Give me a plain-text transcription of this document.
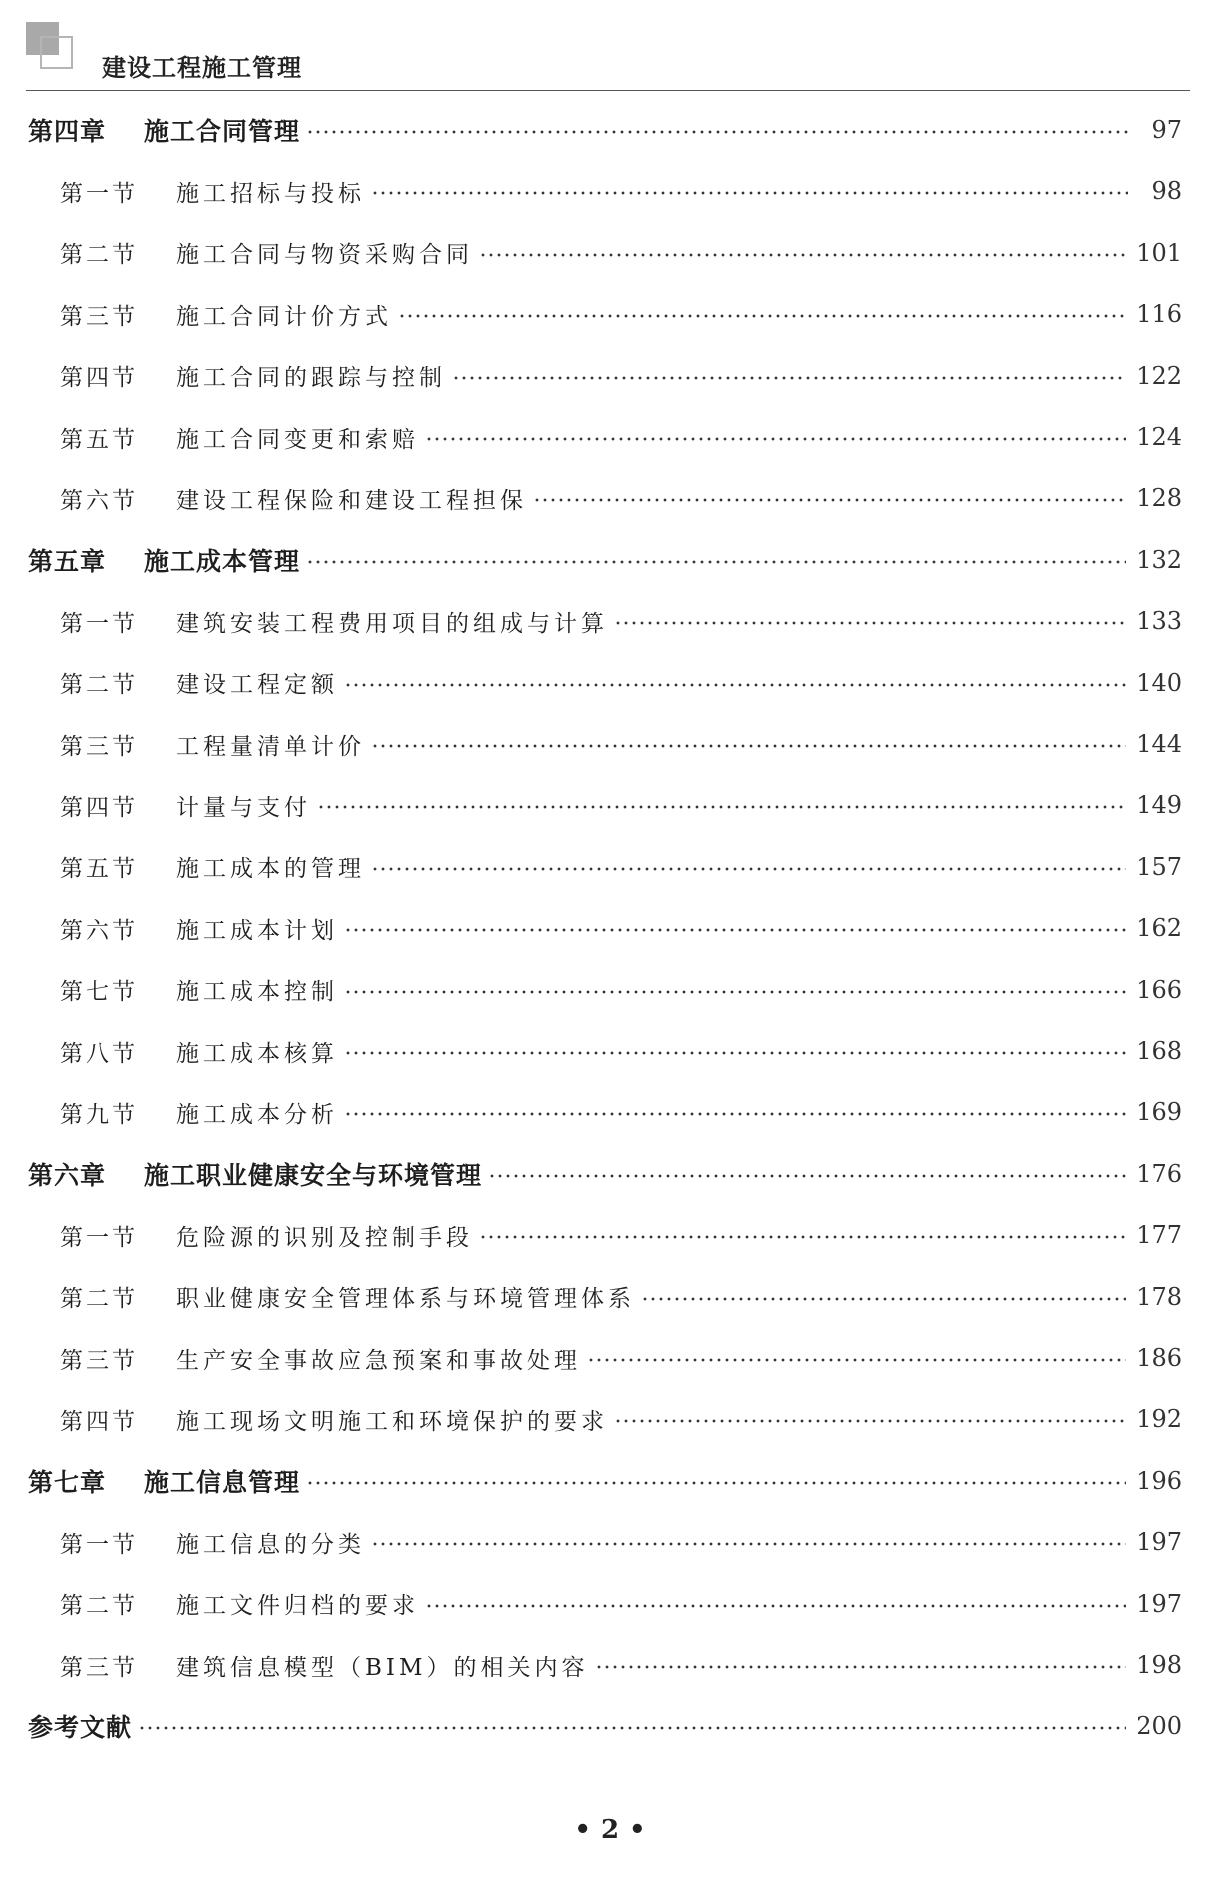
建设工程施工管理
第四章	施工合同管理	97
第一节	施工招标与投标	98
第二节	施工合同与物资采购合同	101
第三节	施工合同计价方式	116
第四节	施工合同的跟踪与控制	122
第五节	施工合同变更和索赔	124
第六节	建设工程保险和建设工程担保	128
第五章	施工成本管理	132
第一节	建筑安装工程费用项目的组成与计算	133
第二节	建设工程定额	140
第三节	工程量清单计价	144
第四节	计量与支付	149
第五节	施工成本的管理	157
第六节	施工成本计划	162
第七节	施工成本控制	166
第八节	施工成本核算	168
第九节	施工成本分析	169
第六章	施工职业健康安全与环境管理	176
第一节	危险源的识别及控制手段	177
第二节	职业健康安全管理体系与环境管理体系	178
第三节	生产安全事故应急预案和事故处理	186
第四节	施工现场文明施工和环境保护的要求	192
第七章	施工信息管理	196
第一节	施工信息的分类	197
第二节	施工文件归档的要求	197
第三节	建筑信息模型（BIM）的相关内容	198
参考文献	200
• 2 •
